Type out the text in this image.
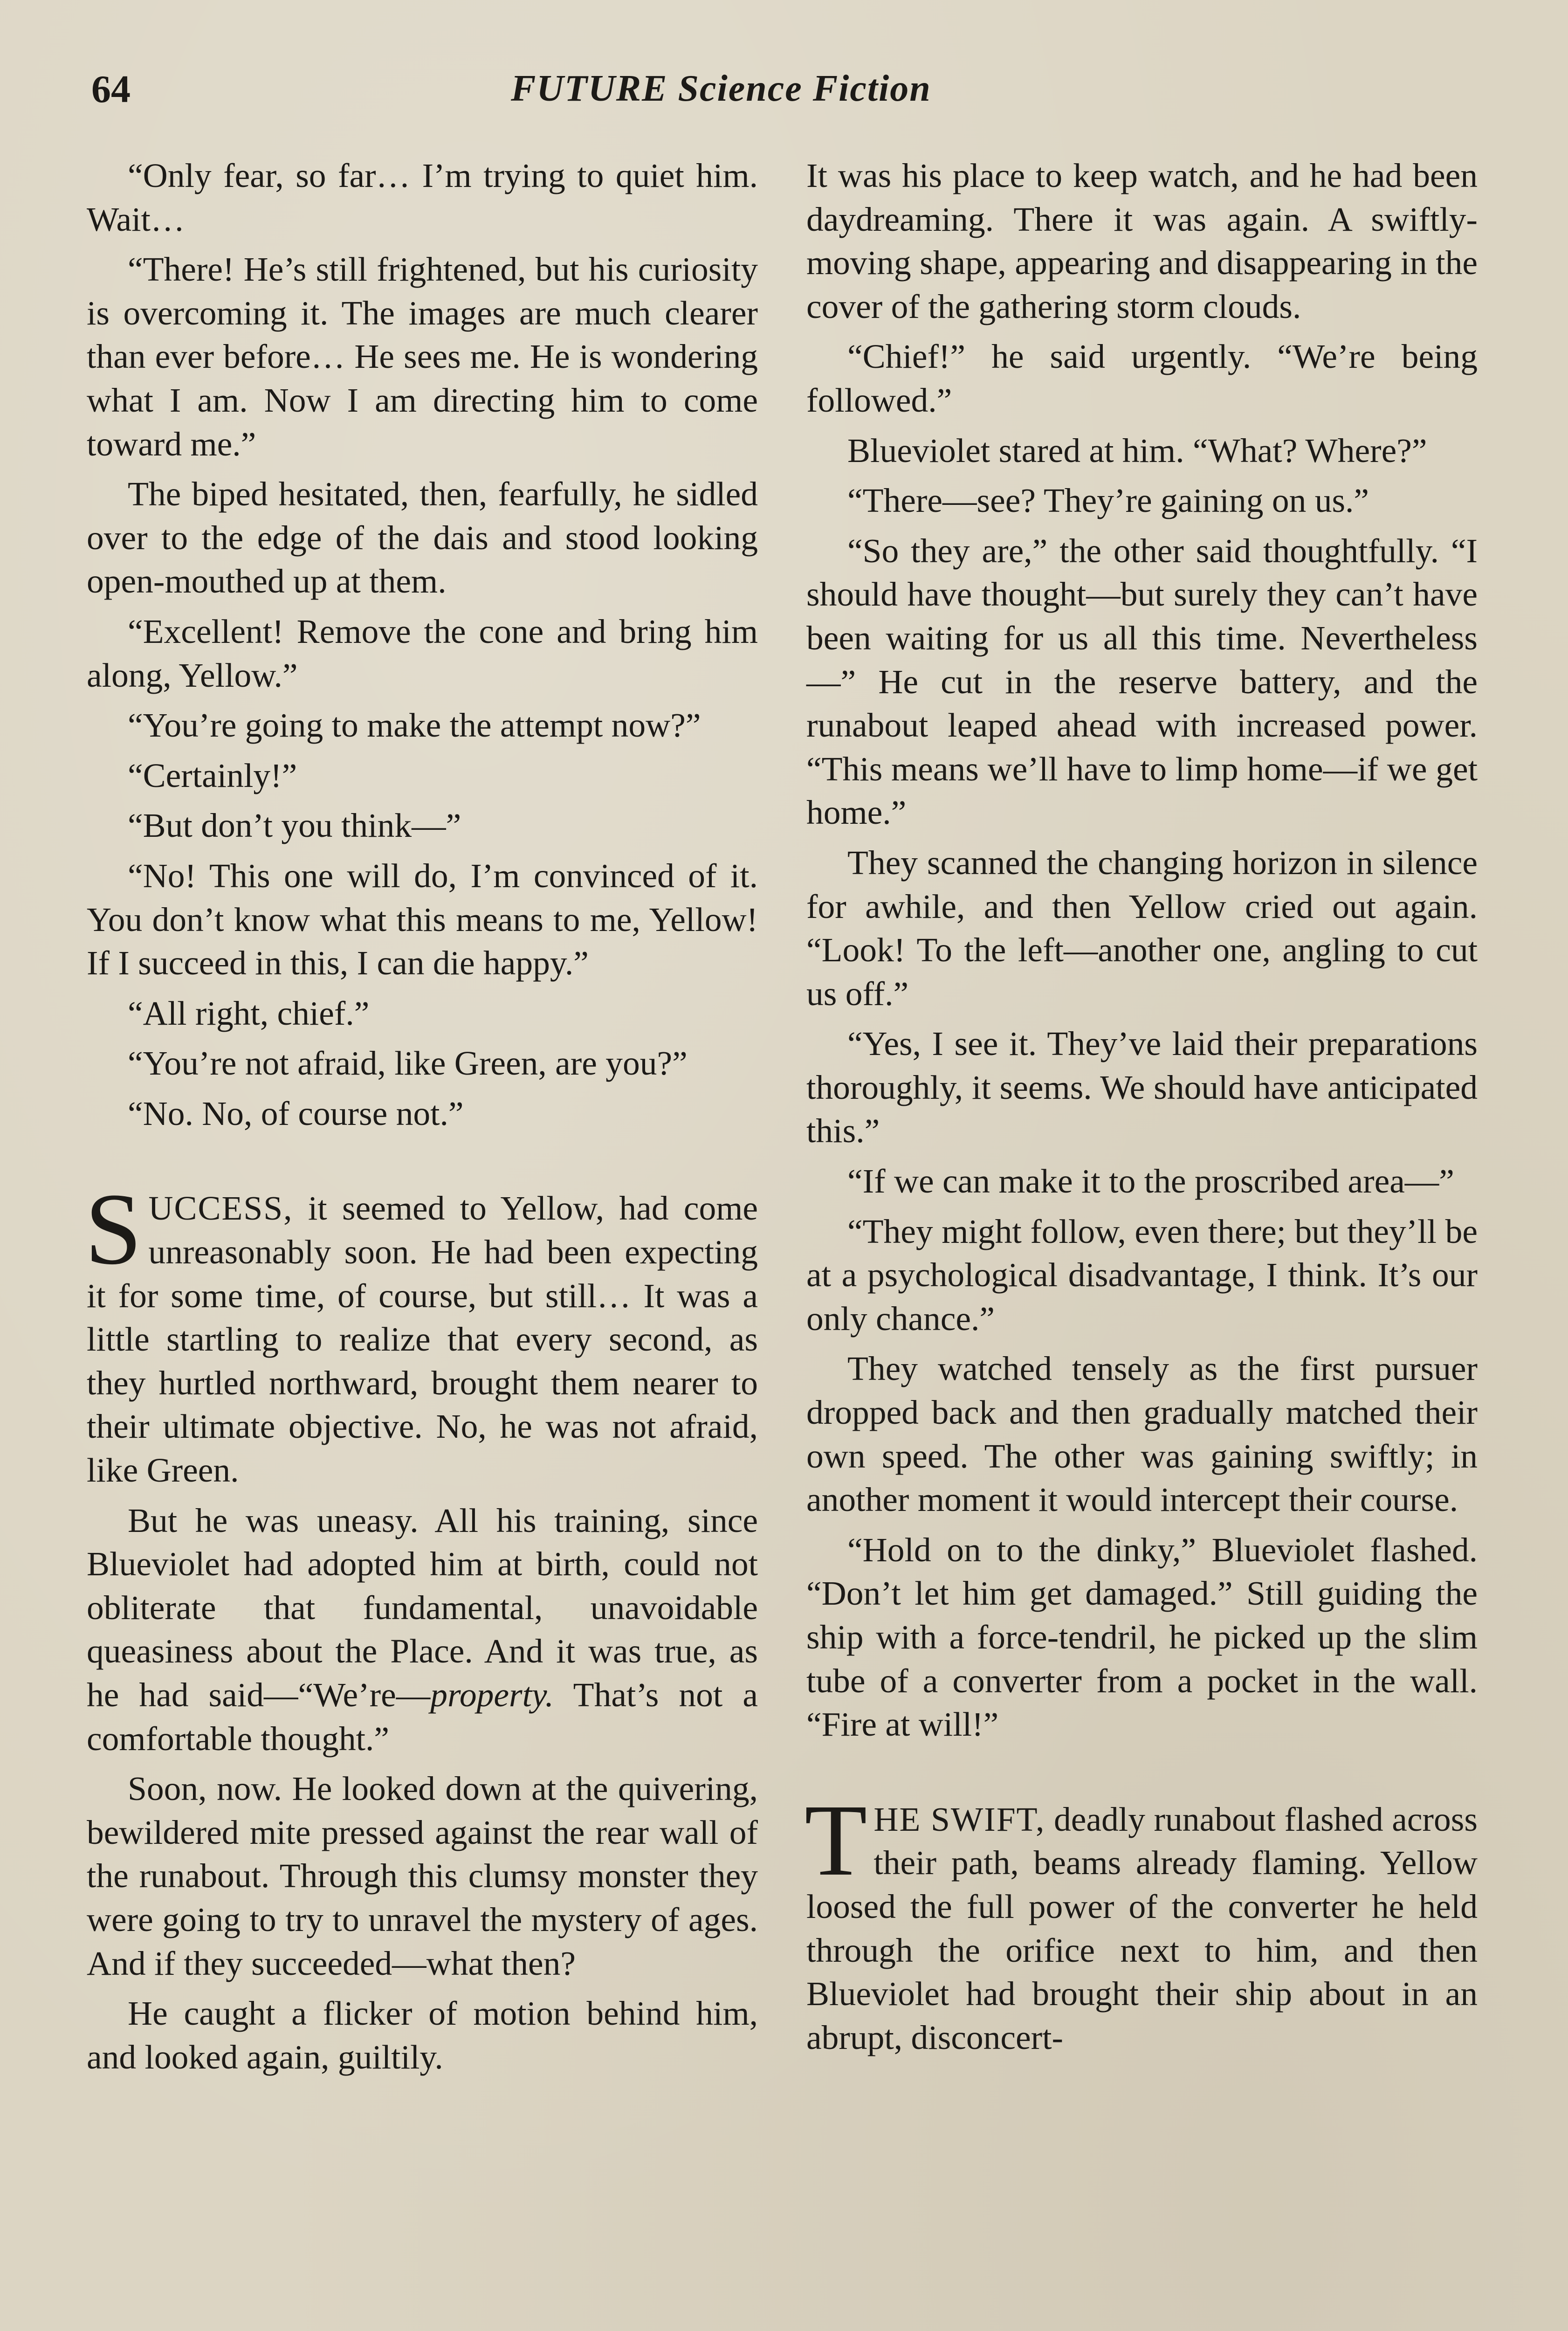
64	FUTURE Science Fiction

“Only fear, so far… I’m trying to quiet him. Wait…

“There! He’s still frightened, but his curiosity is overcoming it. The images are much clearer than ever before… He sees me. He is wondering what I am. Now I am directing him to come toward me.”

The biped hesitated, then, fearfully, he sidled over to the edge of the dais and stood looking open-mouthed up at them.

“Excellent! Remove the cone and bring him along, Yellow.”

“You’re going to make the attempt now?”

“Certainly!”

“But don’t you think—”

“No! This one will do, I’m convinced of it. You don’t know what this means to me, Yellow! If I succeed in this, I can die happy.”

“All right, chief.”

“You’re not afraid, like Green, are you?”

“No. No, of course not.”

SUCCESS, it seemed to Yellow, had come unreasonably soon. He had been expecting it for some time, of course, but still… It was a little startling to realize that every second, as they hurtled northward, brought them nearer to their ultimate objective. No, he was not afraid, like Green.

But he was uneasy. All his training, since Blueviolet had adopted him at birth, could not obliterate that fundamental, unavoidable queasiness about the Place. And it was true, as he had said—“We’re—property. That’s not a comfortable thought.”

Soon, now. He looked down at the quivering, bewildered mite pressed against the rear wall of the runabout. Through this clumsy monster they were going to try to unravel the mystery of ages. And if they succeeded—what then?

He caught a flicker of motion behind him, and looked again, guiltily.

It was his place to keep watch, and he had been daydreaming. There it was again. A swiftly-moving shape, appearing and disappearing in the cover of the gathering storm clouds.

“Chief!” he said urgently. “We’re being followed.”

Blueviolet stared at him. “What? Where?”

“There—see? They’re gaining on us.”

“So they are,” the other said thoughtfully. “I should have thought—but surely they can’t have been waiting for us all this time. Nevertheless—” He cut in the reserve battery, and the runabout leaped ahead with increased power. “This means we’ll have to limp home—if we get home.”

They scanned the changing horizon in silence for awhile, and then Yellow cried out again. “Look! To the left—another one, angling to cut us off.”

“Yes, I see it. They’ve laid their preparations thoroughly, it seems. We should have anticipated this.”

“If we can make it to the proscribed area—”

“They might follow, even there; but they’ll be at a psychological disadvantage, I think. It’s our only chance.”

They watched tensely as the first pursuer dropped back and then gradually matched their own speed. The other was gaining swiftly; in another moment it would intercept their course.

“Hold on to the dinky,” Blueviolet flashed. “Don’t let him get damaged.” Still guiding the ship with a force-tendril, he picked up the slim tube of a converter from a pocket in the wall. “Fire at will!”

THE SWIFT, deadly runabout flashed across their path, beams already flaming. Yellow loosed the full power of the converter he held through the orifice next to him, and then Blueviolet had brought their ship about in an abrupt, disconcert-
